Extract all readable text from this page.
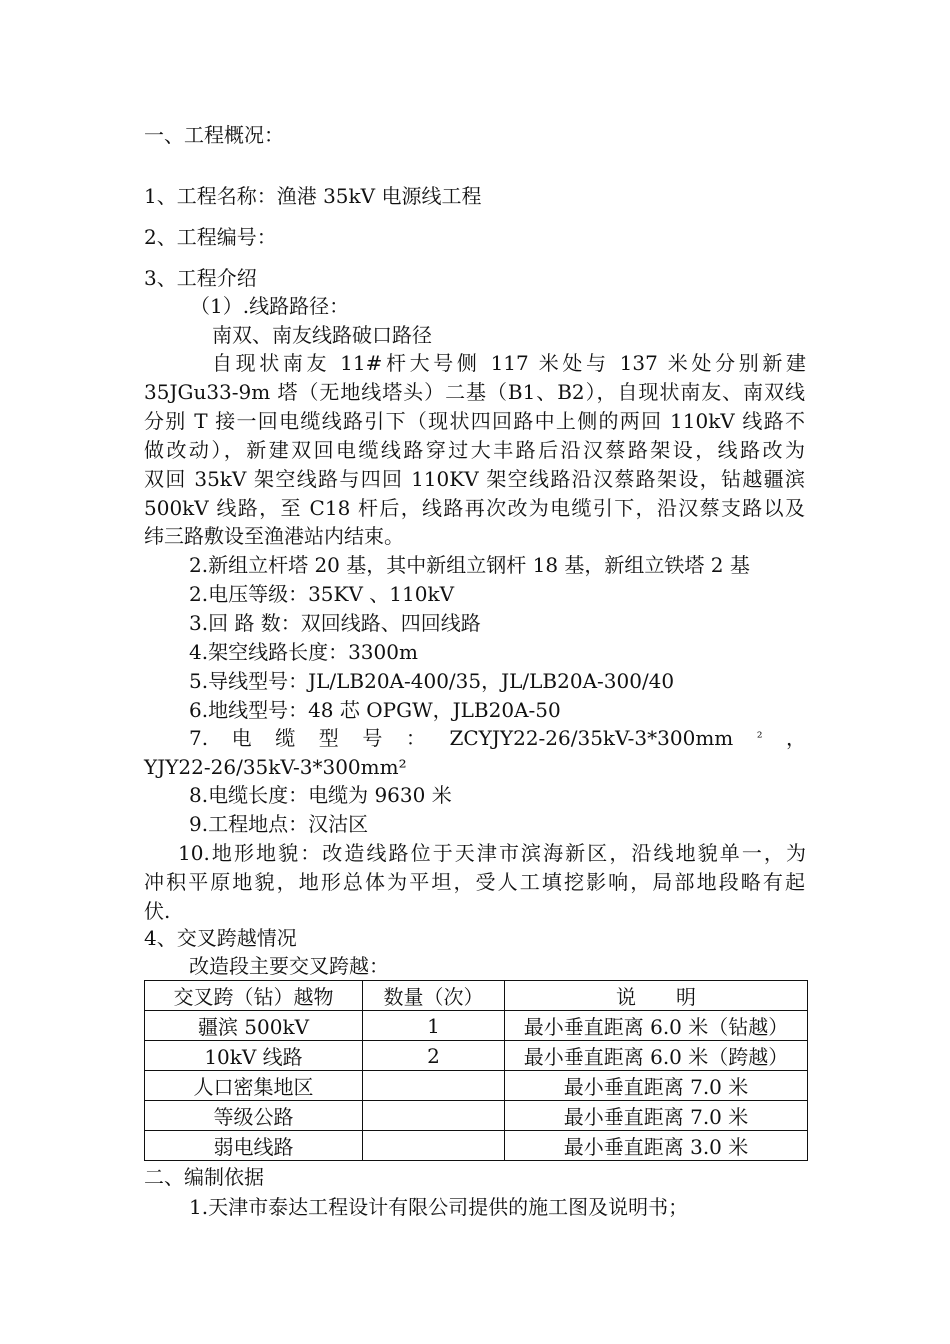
一、工程概况：
1、工程名称：渔港 35kV 电源线工程
2、工程编号：
3、工程介绍
（1）.线路路径：
南双、南友线路破口路径
自现状南友 11#杆大号侧 117 米处与 137 米处分别新建
35JGu33-9m 塔（无地线塔头）二基（B1、B2），自现状南友、南双线
分别 T 接一回电缆线路引下（现状四回路中上侧的两回 110kV 线路不
做改动），新建双回电缆线路穿过大丰路后沿汉蔡路架设，线路改为
双回 35kV 架空线路与四回 110KV 架空线路沿汉蔡路架设，钻越疆滨
500kV 线路，至 C18 杆后，线路再次改为电缆引下，沿汉蔡支路以及
纬三路敷设至渔港站内结束。
2.新组立杆塔 20 基，其中新组立钢杆 18 基，新组立铁塔 2 基
2.电压等级：35KV 、110kV
3.回 路 数：双回线路、四回线路
4.架空线路长度：3300m
5.导线型号：JL/LB20A-400/35，JL/LB20A-300/40
6.地线型号：48 芯 OPGW，JLB20A-50
7. 电 缆 型 号 ： ZCYJY22-26/35kV-3*300mm ² ，
YJY22-26/35kV-3*300mm²
8.电缆长度：电缆为 9630 米
9.工程地点：汉沽区
10.地形地貌：改造线路位于天津市滨海新区，沿线地貌单一，为
冲积平原地貌，地形总体为平坦，受人工填挖影响，局部地段略有起
伏.
4、交叉跨越情况
改造段主要交叉跨越：
交叉跨（钻）越物	数量（次）	说　　明
疆滨 500kV	1	最小垂直距离 6.0 米（钻越）
10kV 线路	2	最小垂直距离 6.0 米（跨越）
人口密集地区		最小垂直距离 7.0 米
等级公路		最小垂直距离 7.0 米
弱电线路		最小垂直距离 3.0 米
二、编制依据
1.天津市泰达工程设计有限公司提供的施工图及说明书；
